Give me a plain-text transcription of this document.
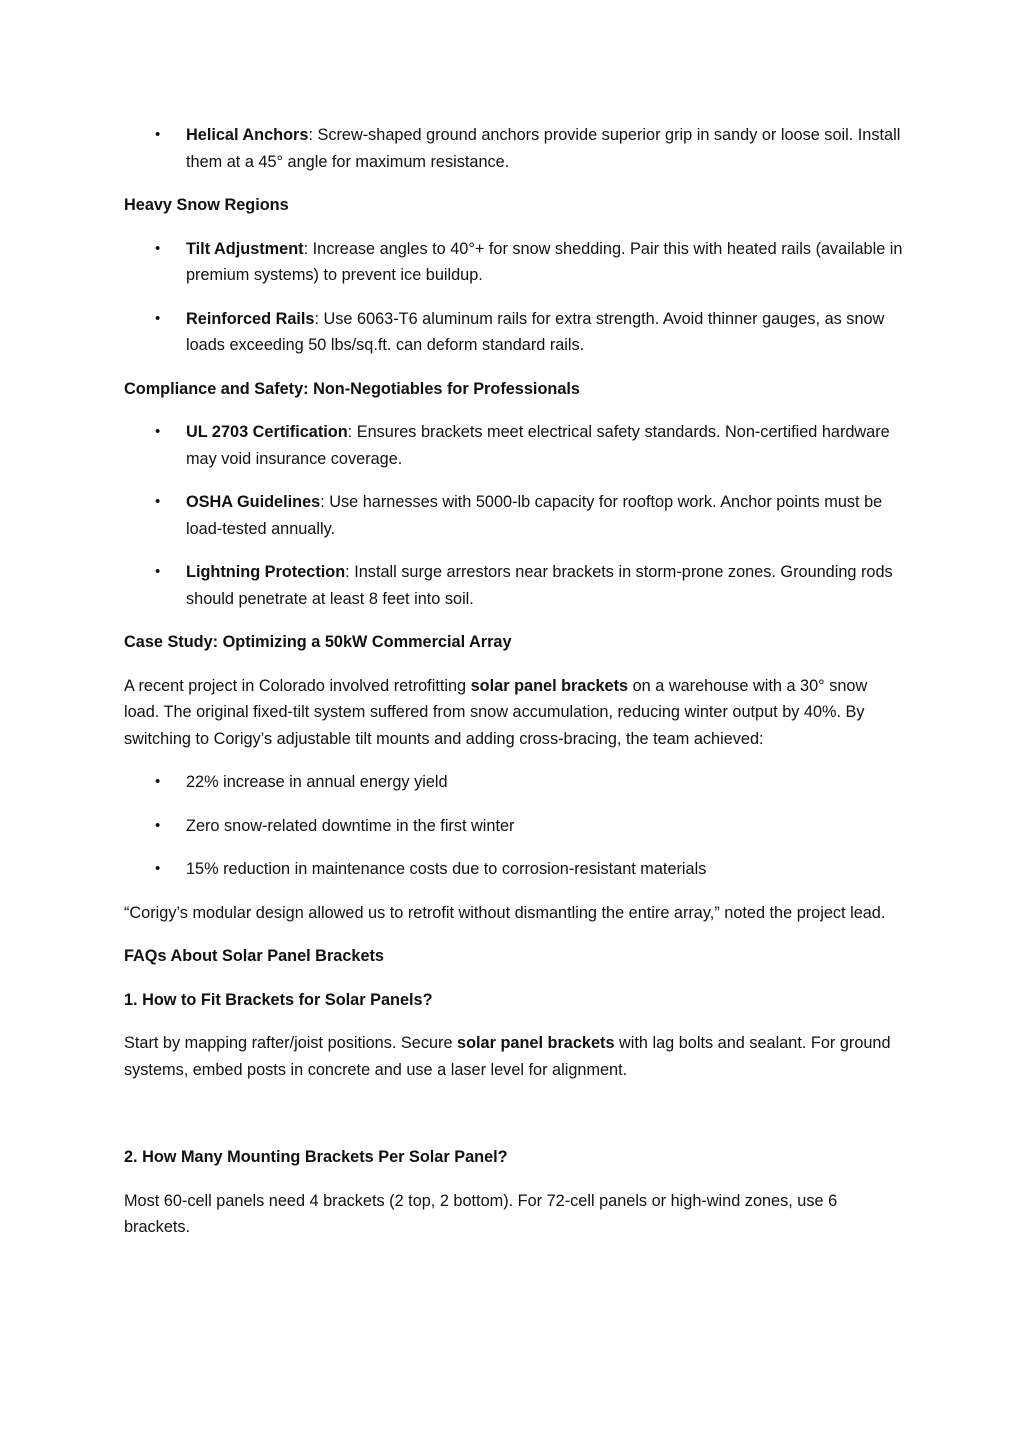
• Helical Anchors: Screw-shaped ground anchors provide superior grip in sandy or loose soil. Install them at a 45° angle for maximum resistance.

Heavy Snow Regions

• Tilt Adjustment: Increase angles to 40°+ for snow shedding. Pair this with heated rails (available in premium systems) to prevent ice buildup.
• Reinforced Rails: Use 6063-T6 aluminum rails for extra strength. Avoid thinner gauges, as snow loads exceeding 50 lbs/sq.ft. can deform standard rails.

Compliance and Safety: Non-Negotiables for Professionals

• UL 2703 Certification: Ensures brackets meet electrical safety standards. Non-certified hardware may void insurance coverage.
• OSHA Guidelines: Use harnesses with 5000-lb capacity for rooftop work. Anchor points must be load-tested annually.
• Lightning Protection: Install surge arrestors near brackets in storm-prone zones. Grounding rods should penetrate at least 8 feet into soil.

Case Study: Optimizing a 50kW Commercial Array

A recent project in Colorado involved retrofitting solar panel brackets on a warehouse with a 30° snow load. The original fixed-tilt system suffered from snow accumulation, reducing winter output by 40%. By switching to Corigy’s adjustable tilt mounts and adding cross-bracing, the team achieved:

• 22% increase in annual energy yield
• Zero snow-related downtime in the first winter
• 15% reduction in maintenance costs due to corrosion-resistant materials

“Corigy’s modular design allowed us to retrofit without dismantling the entire array,” noted the project lead.

FAQs About Solar Panel Brackets

1. How to Fit Brackets for Solar Panels?

Start by mapping rafter/joist positions. Secure solar panel brackets with lag bolts and sealant. For ground systems, embed posts in concrete and use a laser level for alignment.

2. How Many Mounting Brackets Per Solar Panel?

Most 60-cell panels need 4 brackets (2 top, 2 bottom). For 72-cell panels or high-wind zones, use 6 brackets.
